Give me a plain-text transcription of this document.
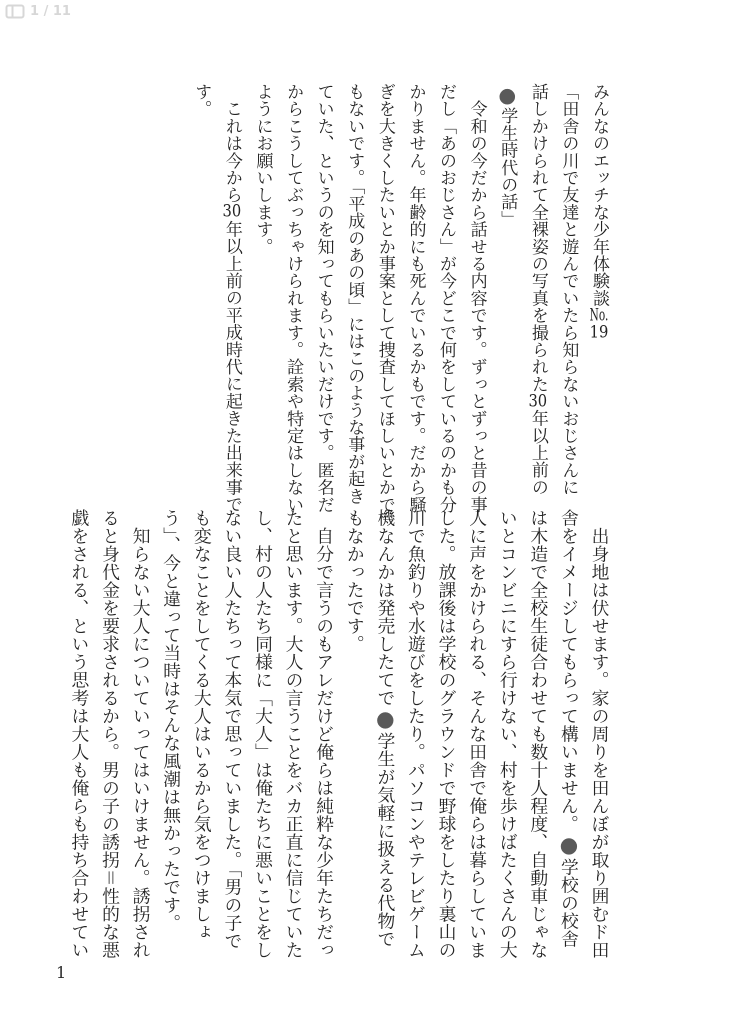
1 / 11

みんなのエッチな少年体験談No.19

「田舎の川で友達と遊んでいたら知らないおじさんに
話しかけられて全裸姿の写真を撮られた30年以上前の●学生時代の話」

　令和の今だから話せる内容です。ずっとずっと昔の事だし「あのおじさん」が今どこで何をしているのかも分かりません。年齢的にも死んでいるかもです。だから騒ぎを大きくしたいとか事案として捜査してほしいとかでもないです。「平成のあの頃」にはこのような事が起きていた、というのを知ってもらいたいだけです。匿名だからこうしてぶっちゃけられます。詮索や特定はしないようにお願いします。

　これは今から30年以上前の平成時代に起きた出来事です。

　出身地は伏せます。家の周りを田んぼが取り囲むド田舎をイメージしてもらって構いません。●学校の校舎は木造で全校生徒合わせても数十人程度、自動車じゃないとコンビニにすら行けない、村を歩けばたくさんの大人に声をかけられる、そんな田舎で俺らは暮らしていました。放課後は学校のグラウンドで野球をしたり裏山の川で魚釣りや水遊びをしたり。パソコンやテレビゲーム機なんかは発売したてで●学生が気軽に扱える代物でもなかったです。

　自分で言うのもアレだけど俺らは純粋な少年たちだったと思います。大人の言うことをバカ正直に信じていたし、村の人たち同様に「大人」は俺たちに悪いことをしない良い人たちって本気で思っていました。「男の子でも変なことをしてくる大人はいるから気をつけましょう」、今と違って当時はそんな風潮は無かったです。

　知らない大人についていってはいけません。誘拐されると身代金を要求されるから。男の子の誘拐＝性的な悪戯をされる、という思考は大人も俺らも持ち合わせてい

1
